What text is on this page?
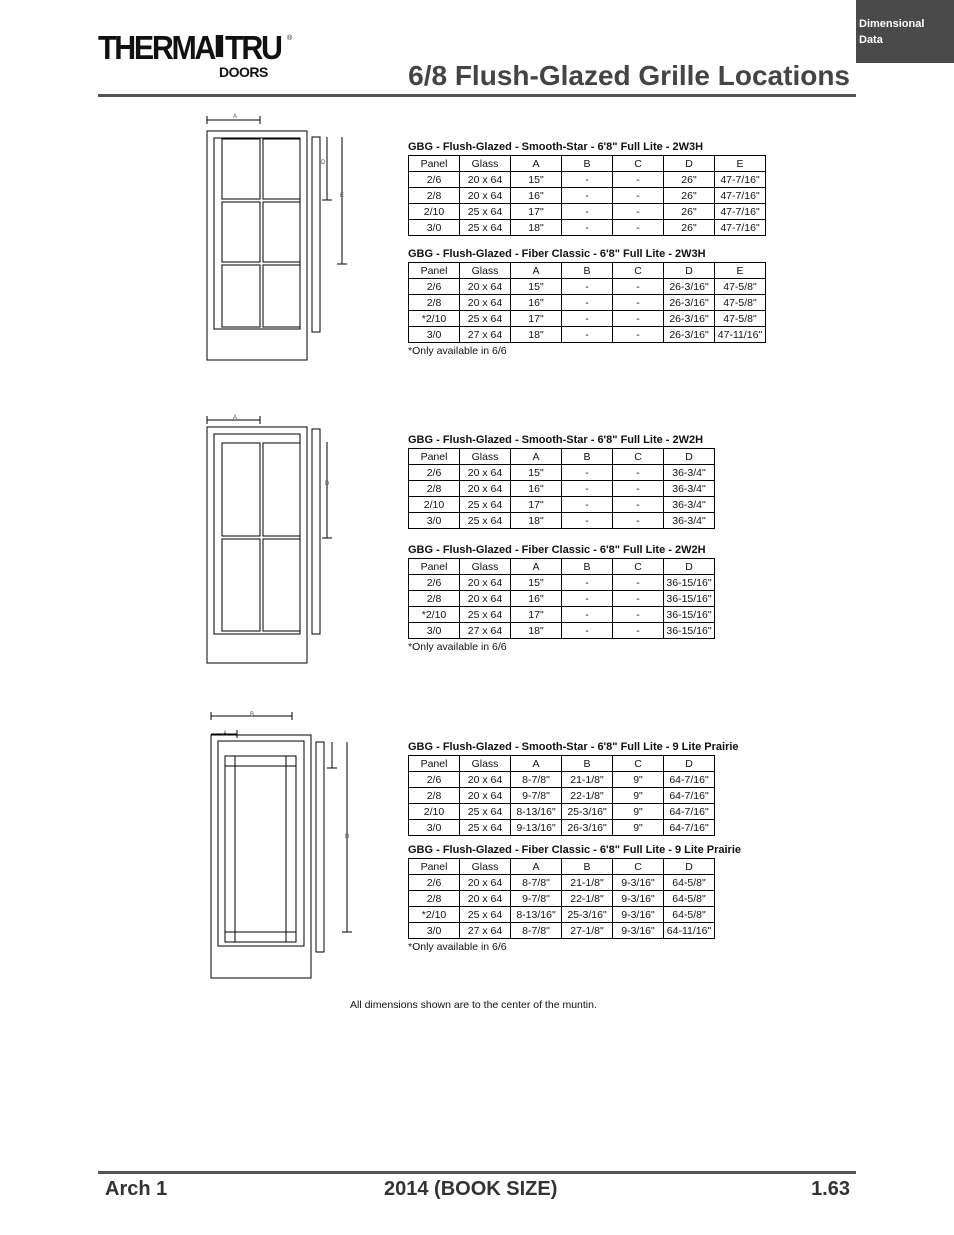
Dimensional
Data
THERMA TRU ®
DOORS	6/8 Flush-Glazed Grille Locations
A
D
E
A
D
B
A
D
GBG - Flush-Glazed - Smooth-Star - 6'8" Full Lite - 2W3H
Panel	Glass	A	B	C	D	E
2/6	20 x 64	15"	-	-	26"	47-7/16"
2/8	20 x 64	16"	-	-	26"	47-7/16"
2/10	25 x 64	17"	-	-	26"	47-7/16"
3/0	25 x 64	18"	-	-	26"	47-7/16"
GBG - Flush-Glazed - Fiber Classic - 6'8" Full Lite - 2W3H
Panel	Glass	A	B	C	D	E
2/6	20 x 64	15"	-	-	26-3/16"	47-5/8"
2/8	20 x 64	16"	-	-	26-3/16"	47-5/8"
*2/10	25 x 64	17"	-	-	26-3/16"	47-5/8"
3/0	27 x 64	18"	-	-	26-3/16"	47-11/16"
*Only available in 6/6
GBG - Flush-Glazed - Smooth-Star - 6'8" Full Lite - 2W2H
Panel	Glass	A	B	C	D
2/6	20 x 64	15"	-	-	36-3/4"
2/8	20 x 64	16"	-	-	36-3/4"
2/10	25 x 64	17"	-	-	36-3/4"
3/0	25 x 64	18"	-	-	36-3/4"
GBG - Flush-Glazed - Fiber Classic - 6'8" Full Lite - 2W2H
Panel	Glass	A	B	C	D
2/6	20 x 64	15"	-	-	36-15/16"
2/8	20 x 64	16"	-	-	36-15/16"
*2/10	25 x 64	17"	-	-	36-15/16"
3/0	27 x 64	18"	-	-	36-15/16"
*Only available in 6/6
GBG - Flush-Glazed - Smooth-Star - 6'8" Full Lite - 9 Lite Prairie
Panel	Glass	A	B	C	D
2/6	20 x 64	8-7/8"	21-1/8"	9"	64-7/16"
2/8	20 x 64	9-7/8"	22-1/8"	9"	64-7/16"
2/10	25 x 64	8-13/16"	25-3/16"	9"	64-7/16"
3/0	25 x 64	9-13/16"	26-3/16"	9"	64-7/16"
GBG - Flush-Glazed - Fiber Classic - 6'8" Full Lite - 9 Lite Prairie
Panel	Glass	A	B	C	D
2/6	20 x 64	8-7/8"	21-1/8"	9-3/16"	64-5/8"
2/8	20 x 64	9-7/8"	22-1/8"	9-3/16"	64-5/8"
*2/10	25 x 64	8-13/16"	25-3/16"	9-3/16"	64-5/8"
3/0	27 x 64	8-7/8"	27-1/8"	9-3/16"	64-11/16"
*Only available in 6/6
All dimensions shown are to the center of the muntin.
Arch 1	2014 (BOOK SIZE)	1.63
